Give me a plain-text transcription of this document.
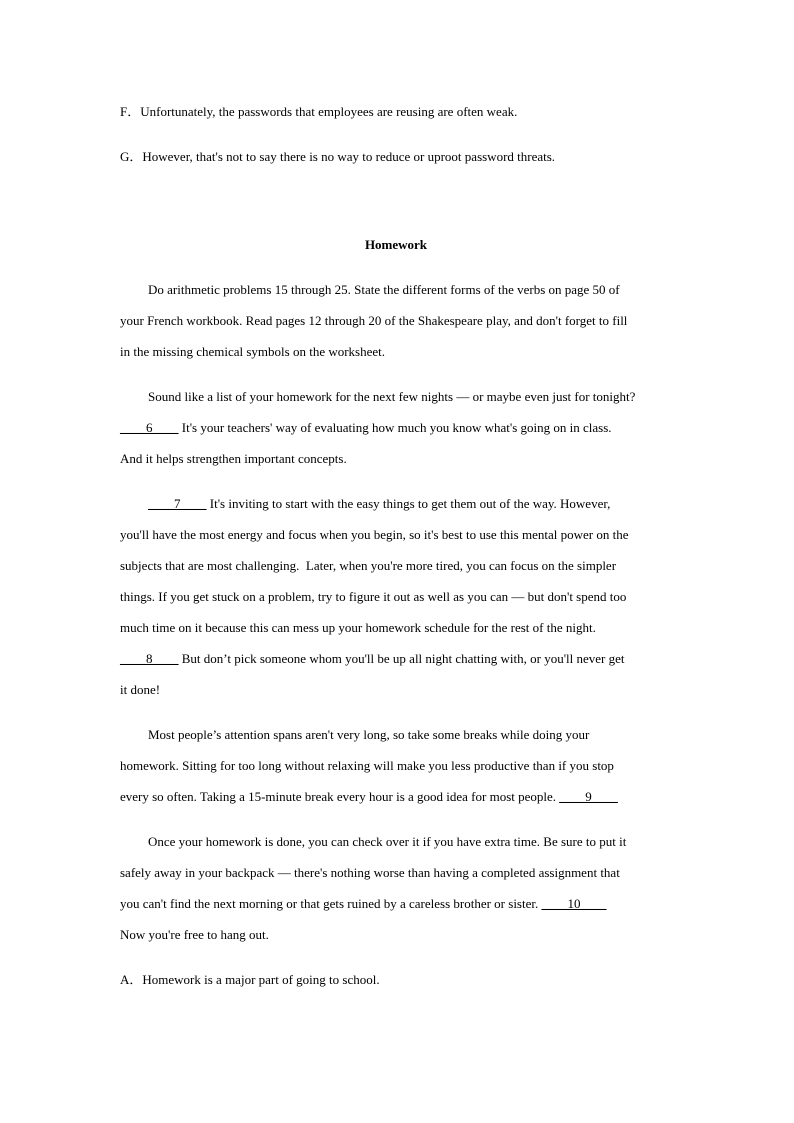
F．Unfortunately, the passwords that employees are reusing are often weak.
G．However, that's not to say there is no way to reduce or uproot password threats.
Homework
Do arithmetic problems 15 through 25. State the different forms of the verbs on page 50 of
your French workbook. Read pages 12 through 20 of the Shakespeare play, and don't forget to fill
in the missing chemical symbols on the worksheet.
Sound like a list of your homework for the next few nights — or maybe even just for tonight?
____6____ It's your teachers' way of evaluating how much you know what's going on in class.
And it helps strengthen important concepts.
____7____ It's inviting to start with the easy things to get them out of the way. However,
you'll have the most energy and focus when you begin, so it's best to use this mental power on the
subjects that are most challenging.  Later, when you're more tired, you can focus on the simpler
things. If you get stuck on a problem, try to figure it out as well as you can — but don't spend too
much time on it because this can mess up your homework schedule for the rest of the night.
____8____ But don’t pick someone whom you'll be up all night chatting with, or you'll never get
it done!
Most people’s attention spans aren't very long, so take some breaks while doing your
homework. Sitting for too long without relaxing will make you less productive than if you stop
every so often. Taking a 15-minute break every hour is a good idea for most people. ____9____
Once your homework is done, you can check over it if you have extra time. Be sure to put it
safely away in your backpack — there's nothing worse than having a completed assignment that
you can't find the next morning or that gets ruined by a careless brother or sister. ____10____
Now you're free to hang out.
A．Homework is a major part of going to school.
